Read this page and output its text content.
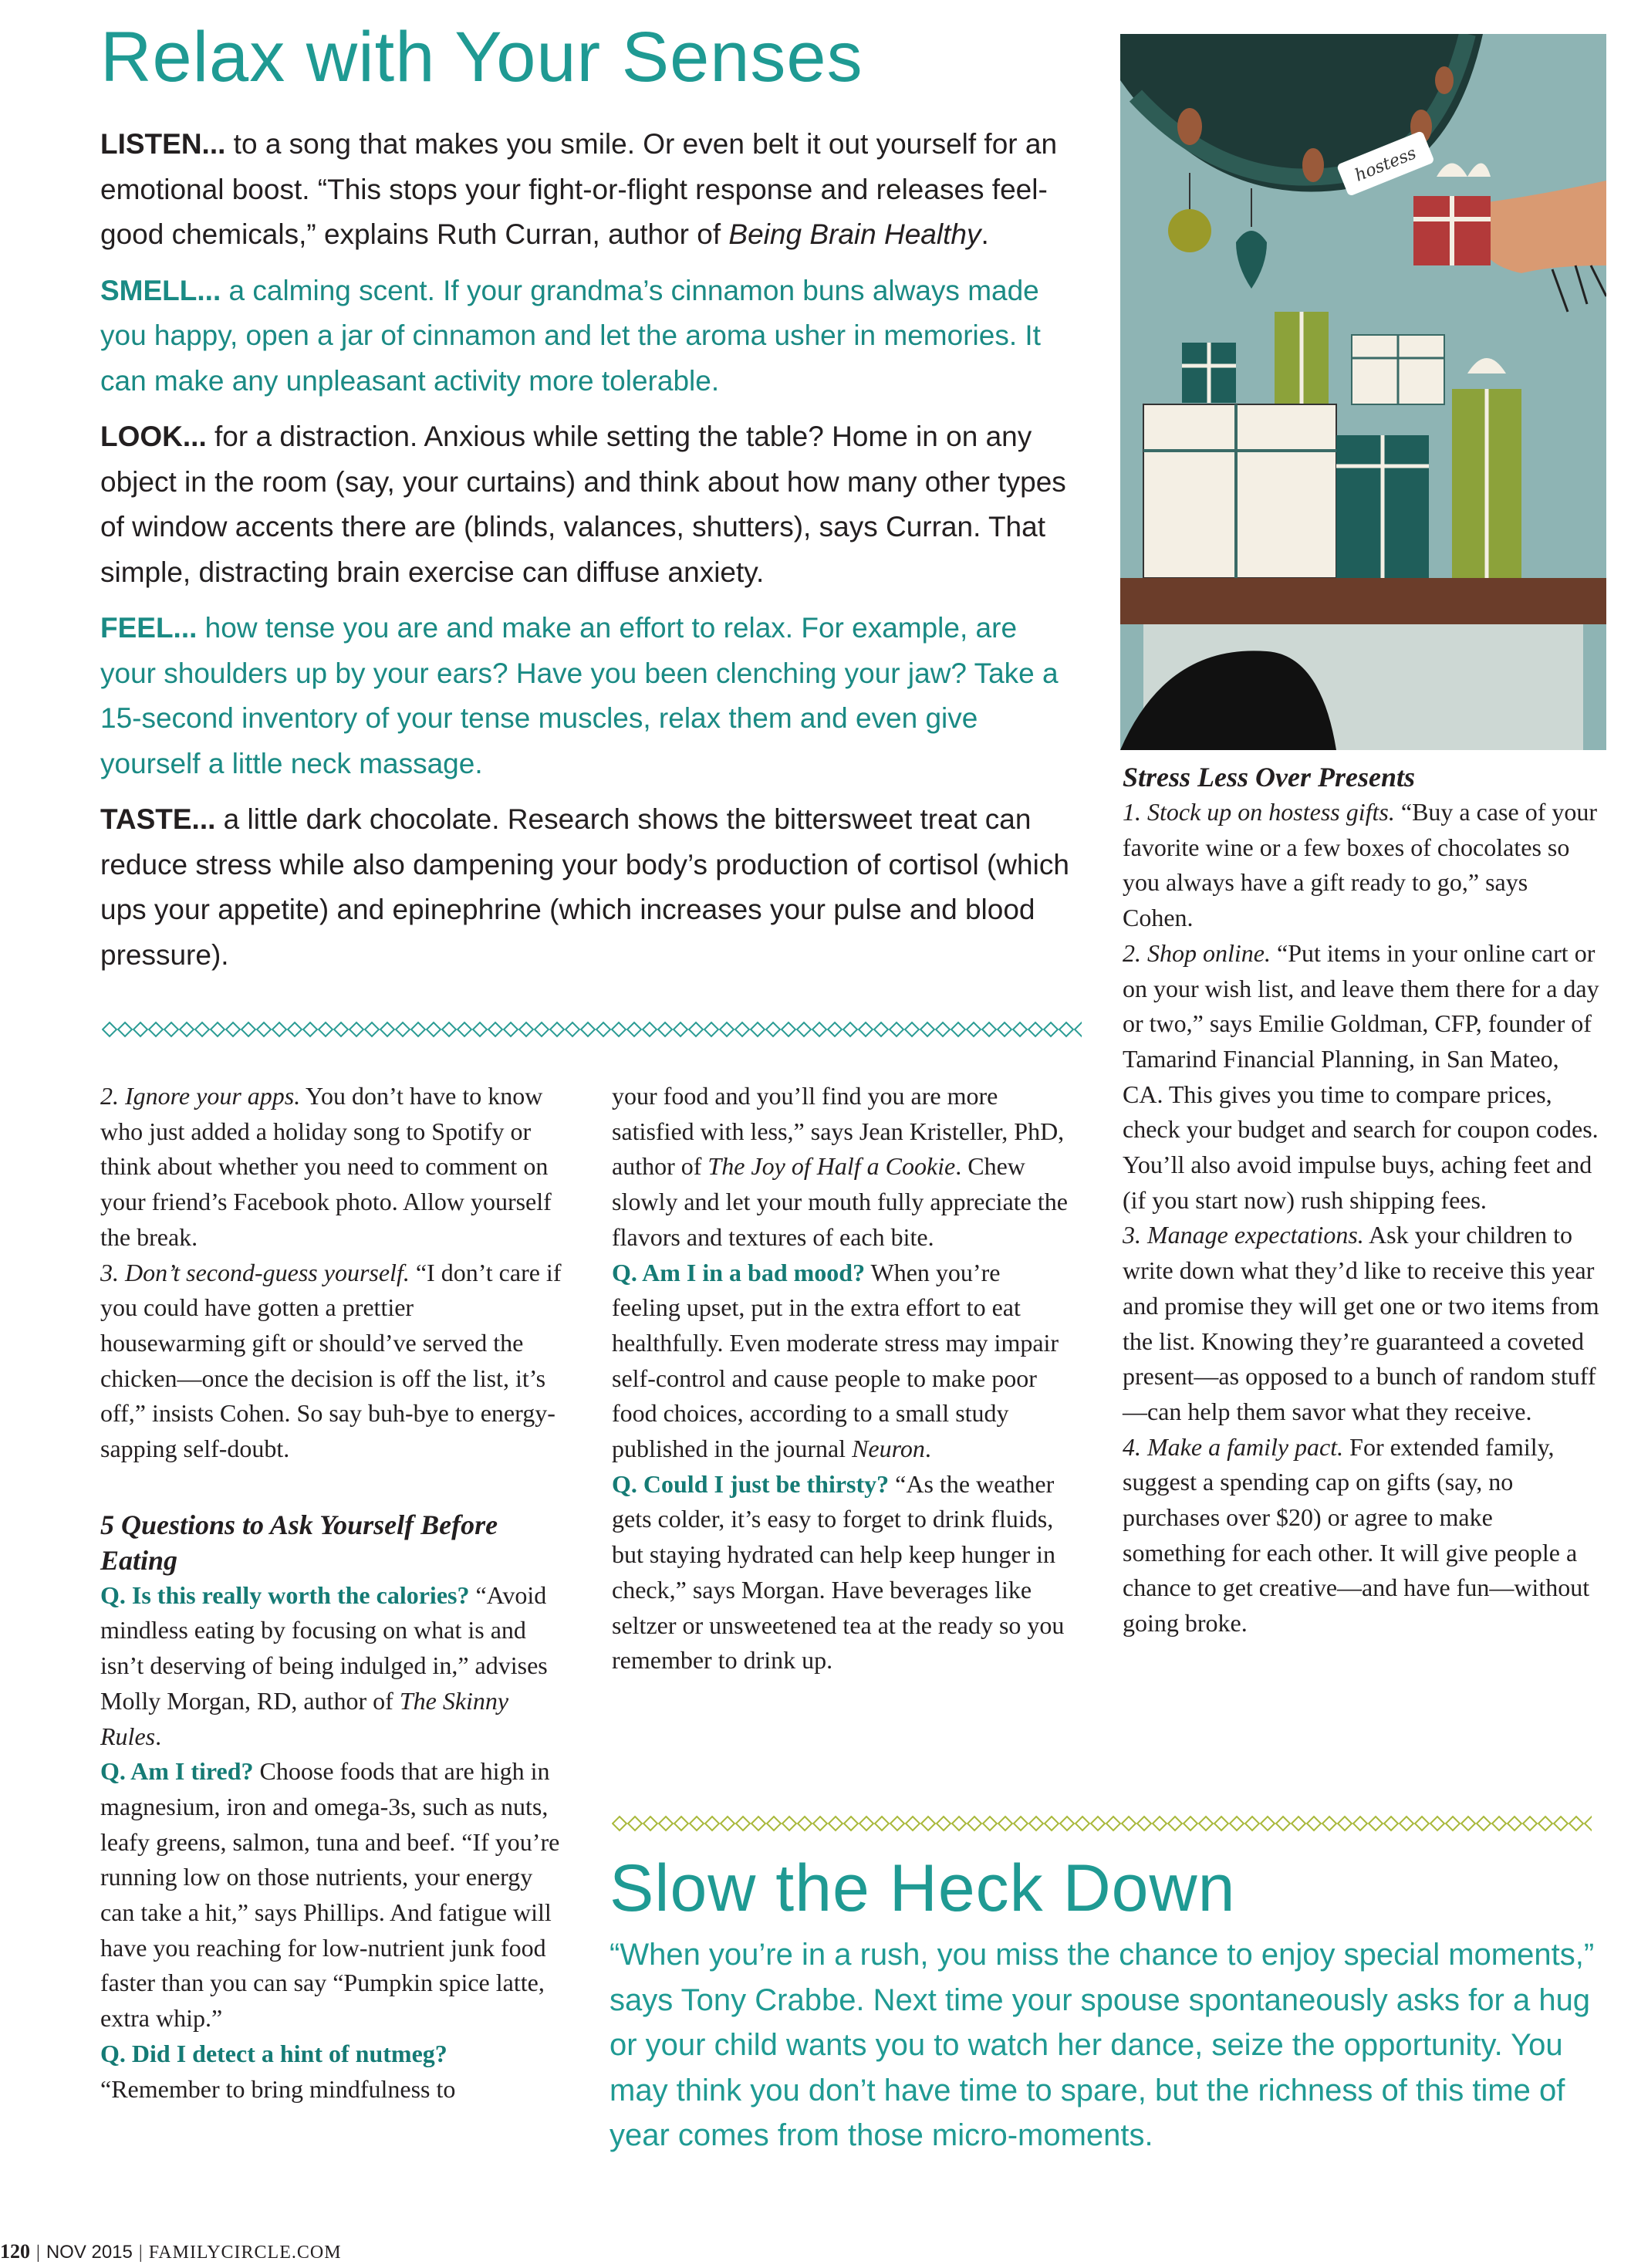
Relax with Your Senses

LISTEN... to a song that makes you smile. Or even belt it out yourself for an emotional boost. “This stops your fight-or-flight response and releases feel-good chemicals,” explains Ruth Curran, author of Being Brain Healthy.

SMELL... a calming scent. If your grandma’s cinnamon buns always made you happy, open a jar of cinnamon and let the aroma usher in memories. It can make any unpleasant activity more tolerable.

LOOK... for a distraction. Anxious while setting the table? Home in on any object in the room (say, your curtains) and think about how many other types of window accents there are (blinds, valances, shutters), says Curran. That simple, distracting brain exercise can diffuse anxiety.

FEEL... how tense you are and make an effort to relax. For example, are your shoulders up by your ears? Have you been clenching your jaw? Take a 15-second inventory of your tense muscles, relax them and even give yourself a little neck massage.

TASTE... a little dark chocolate. Research shows the bittersweet treat can reduce stress while also dampening your body’s production of cortisol (which ups your appetite) and epinephrine (which increases your pulse and blood pressure).

hostess

2. Ignore your apps. You don’t have to know who just added a holiday song to Spotify or think about whether you need to comment on your friend’s Facebook photo. Allow yourself the break.

3. Don’t second-guess yourself. “I don’t care if you could have gotten a prettier housewarming gift or should’ve served the chicken—once the decision is off the list, it’s off,” insists Cohen. So say buh-bye to energy-sapping self-doubt.

5 Questions to Ask Yourself Before Eating

Q. Is this really worth the calories? “Avoid mindless eating by focusing on what is and isn’t deserving of being indulged in,” advises Molly Morgan, RD, author of The Skinny Rules.

Q. Am I tired? Choose foods that are high in magnesium, iron and omega-3s, such as nuts, leafy greens, salmon, tuna and beef. “If you’re running low on those nutrients, your energy can take a hit,” says Phillips. And fatigue will have you reaching for low-nutrient junk food faster than you can say “Pumpkin spice latte, extra whip.”

Q. Did I detect a hint of nutmeg? “Remember to bring mindfulness to

your food and you’ll find you are more satisfied with less,” says Jean Kristeller, PhD, author of The Joy of Half a Cookie. Chew slowly and let your mouth fully appreciate the flavors and textures of each bite.

Q. Am I in a bad mood? When you’re feeling upset, put in the extra effort to eat healthfully. Even moderate stress may impair self-control and cause people to make poor food choices, according to a small study published in the journal Neuron.

Q. Could I just be thirsty? “As the weather gets colder, it’s easy to forget to drink fluids, but staying hydrated can help keep hunger in check,” says Morgan. Have beverages like seltzer or unsweetened tea at the ready so you remember to drink up.

Stress Less Over Presents

1. Stock up on hostess gifts. “Buy a case of your favorite wine or a few boxes of chocolates so you always have a gift ready to go,” says Cohen.

2. Shop online. “Put items in your online cart or on your wish list, and leave them there for a day or two,” says Emilie Goldman, CFP, founder of Tamarind Financial Planning, in San Mateo, CA. This gives you time to compare prices, check your budget and search for coupon codes. You’ll also avoid impulse buys, aching feet and (if you start now) rush shipping fees.

3. Manage expectations. Ask your children to write down what they’d like to receive this year and promise they will get one or two items from the list. Knowing they’re guaranteed a coveted present—as opposed to a bunch of random stuff—can help them savor what they receive.

4. Make a family pact. For extended family, suggest a spending cap on gifts (say, no purchases over $20) or agree to make something for each other. It will give people a chance to get creative—and have fun—without going broke.

Slow the Heck Down
“When you’re in a rush, you miss the chance to enjoy special moments,” says Tony Crabbe. Next time your spouse spontaneously asks for a hug or your child wants you to watch her dance, seize the opportunity. You may think you don’t have time to spare, but the richness of this time of year comes from those micro-moments.
120 | NOV 2015 | FAMILYCIRCLE.COM
